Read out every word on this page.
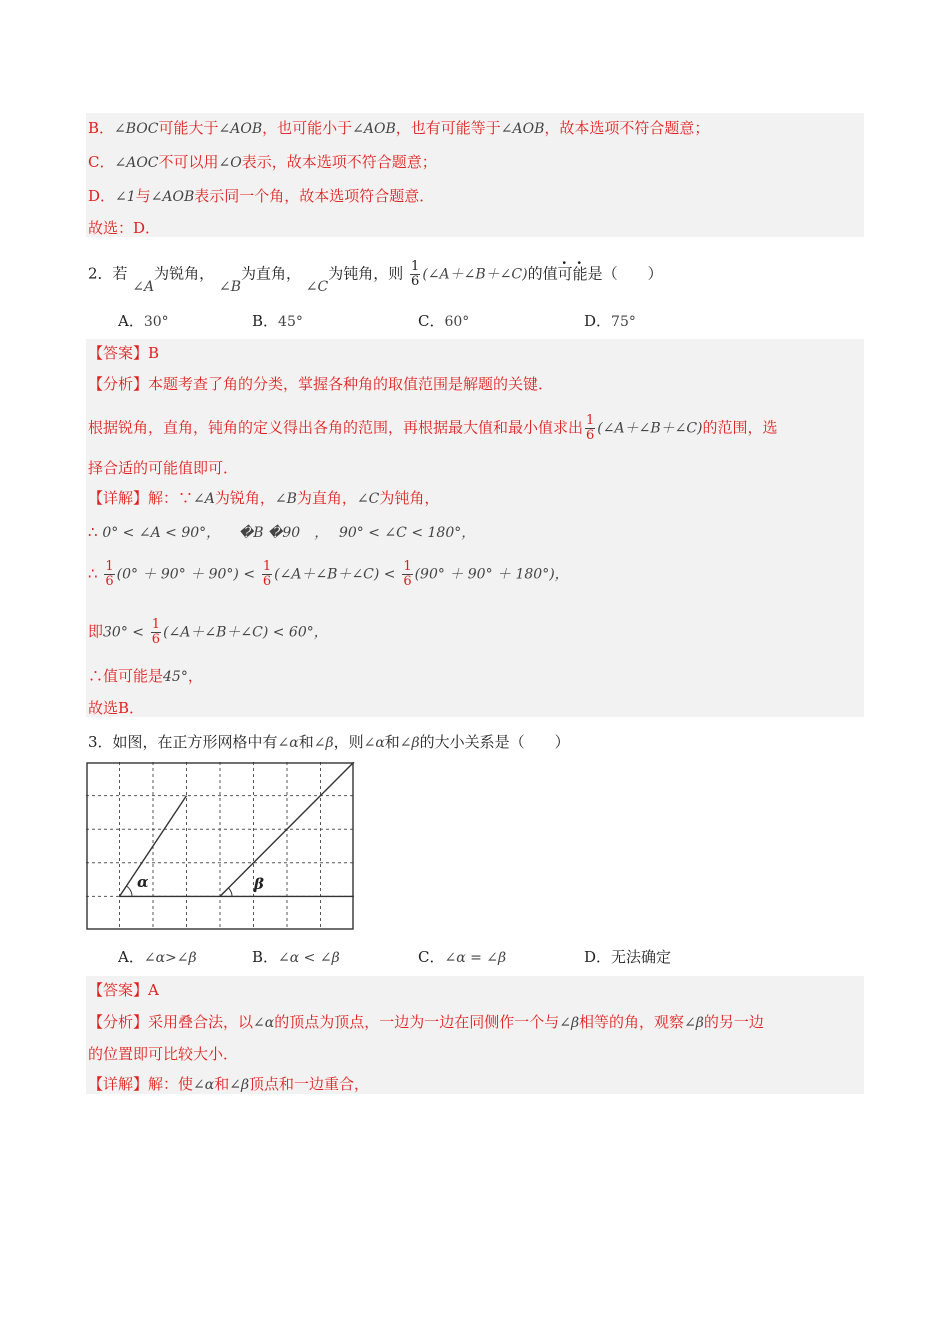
B．∠BOC可能大于∠AOB，也可能小于∠AOB，也有可能等于∠AOB，故本选项不符合题意；
C．∠AOC不可以用∠O表示，故本选项不符合题意；
D．∠1与∠AOB表示同一个角，故本选项符合题意．
故选：D．
2．若 ∠A为锐角， ∠B为直角， ∠C为钝角，则 $\frac{1}{6}$ (∠A＋∠B＋∠C)的值可能是（　　）
A．30°	B．45°	C．60°	D．75°
【答案】B
【分析】本题考查了角的分类，掌握各种角的取值范围是解题的关键．
根据锐角，直角，钝角的定义得出各角的范围，再根据最大值和最小值求出 $\frac{1}{6}$ (∠A＋∠B＋∠C)的范围，选
择合适的可能值即可．
【详解】解：∵∠A为锐角，∠B为直角，∠C为钝角，
∴ 0° < ∠A < 90°， �B �90　， 90° < ∠C < 180°，
∴ $\frac{1}{6} (0^\circ + 90^\circ + 90^\circ) < \frac{1}{6}$ (∠A＋∠B＋∠C) < $\frac{1}{6} (90^\circ + 90^\circ + 180^\circ)$，
即$30^\circ < \frac{1}{6}$ (∠A＋∠B＋∠C) < 60°，
∴值可能是45°，
故选B．
3．如图，在正方形网格中有∠α和∠β，则∠α和∠β的大小关系是（　　）
α	β
A．∠α>∠β	B．∠α < ∠β	C．∠α = ∠β	D．无法确定
【答案】A
【分析】采用叠合法，以∠α的顶点为顶点，一边为一边在同侧作一个与∠β相等的角，观察∠β的另一边
的位置即可比较大小．
【详解】解：使∠α和∠β顶点和一边重合，
